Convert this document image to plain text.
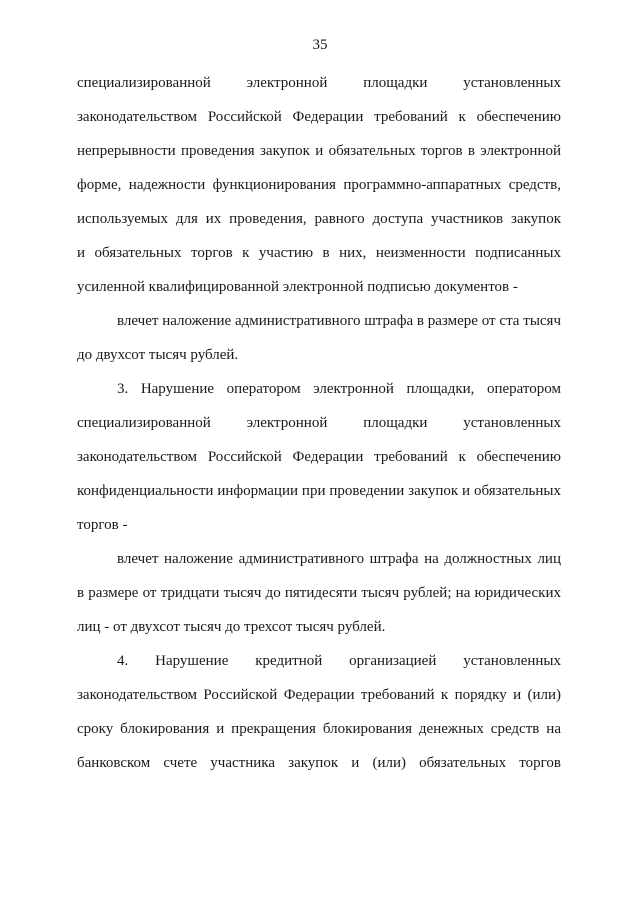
35
специализированной электронной площадки установленных
законодательством Российской Федерации требований к обеспечению
непрерывности проведения закупок и обязательных торгов в электронной
форме, надежности функционирования программно-аппаратных средств,
используемых для их проведения, равного доступа участников закупок
и обязательных торгов к участию в них, неизменности подписанных
усиленной квалифицированной электронной подписью документов -
влечет наложение административного штрафа в размере от ста тысяч
до двухсот тысяч рублей.
3. Нарушение оператором электронной площадки, оператором
специализированной электронной площадки установленных
законодательством Российской Федерации требований к обеспечению
конфиденциальности информации при проведении закупок и обязательных
торгов -
влечет наложение административного штрафа на должностных лиц
в размере от тридцати тысяч до пятидесяти тысяч рублей; на юридических
лиц - от двухсот тысяч до трехсот тысяч рублей.
4. Нарушение кредитной организацией установленных
законодательством Российской Федерации требований к порядку и (или)
сроку блокирования и прекращения блокирования денежных средств на
банковском счете участника закупок и (или) обязательных торгов
